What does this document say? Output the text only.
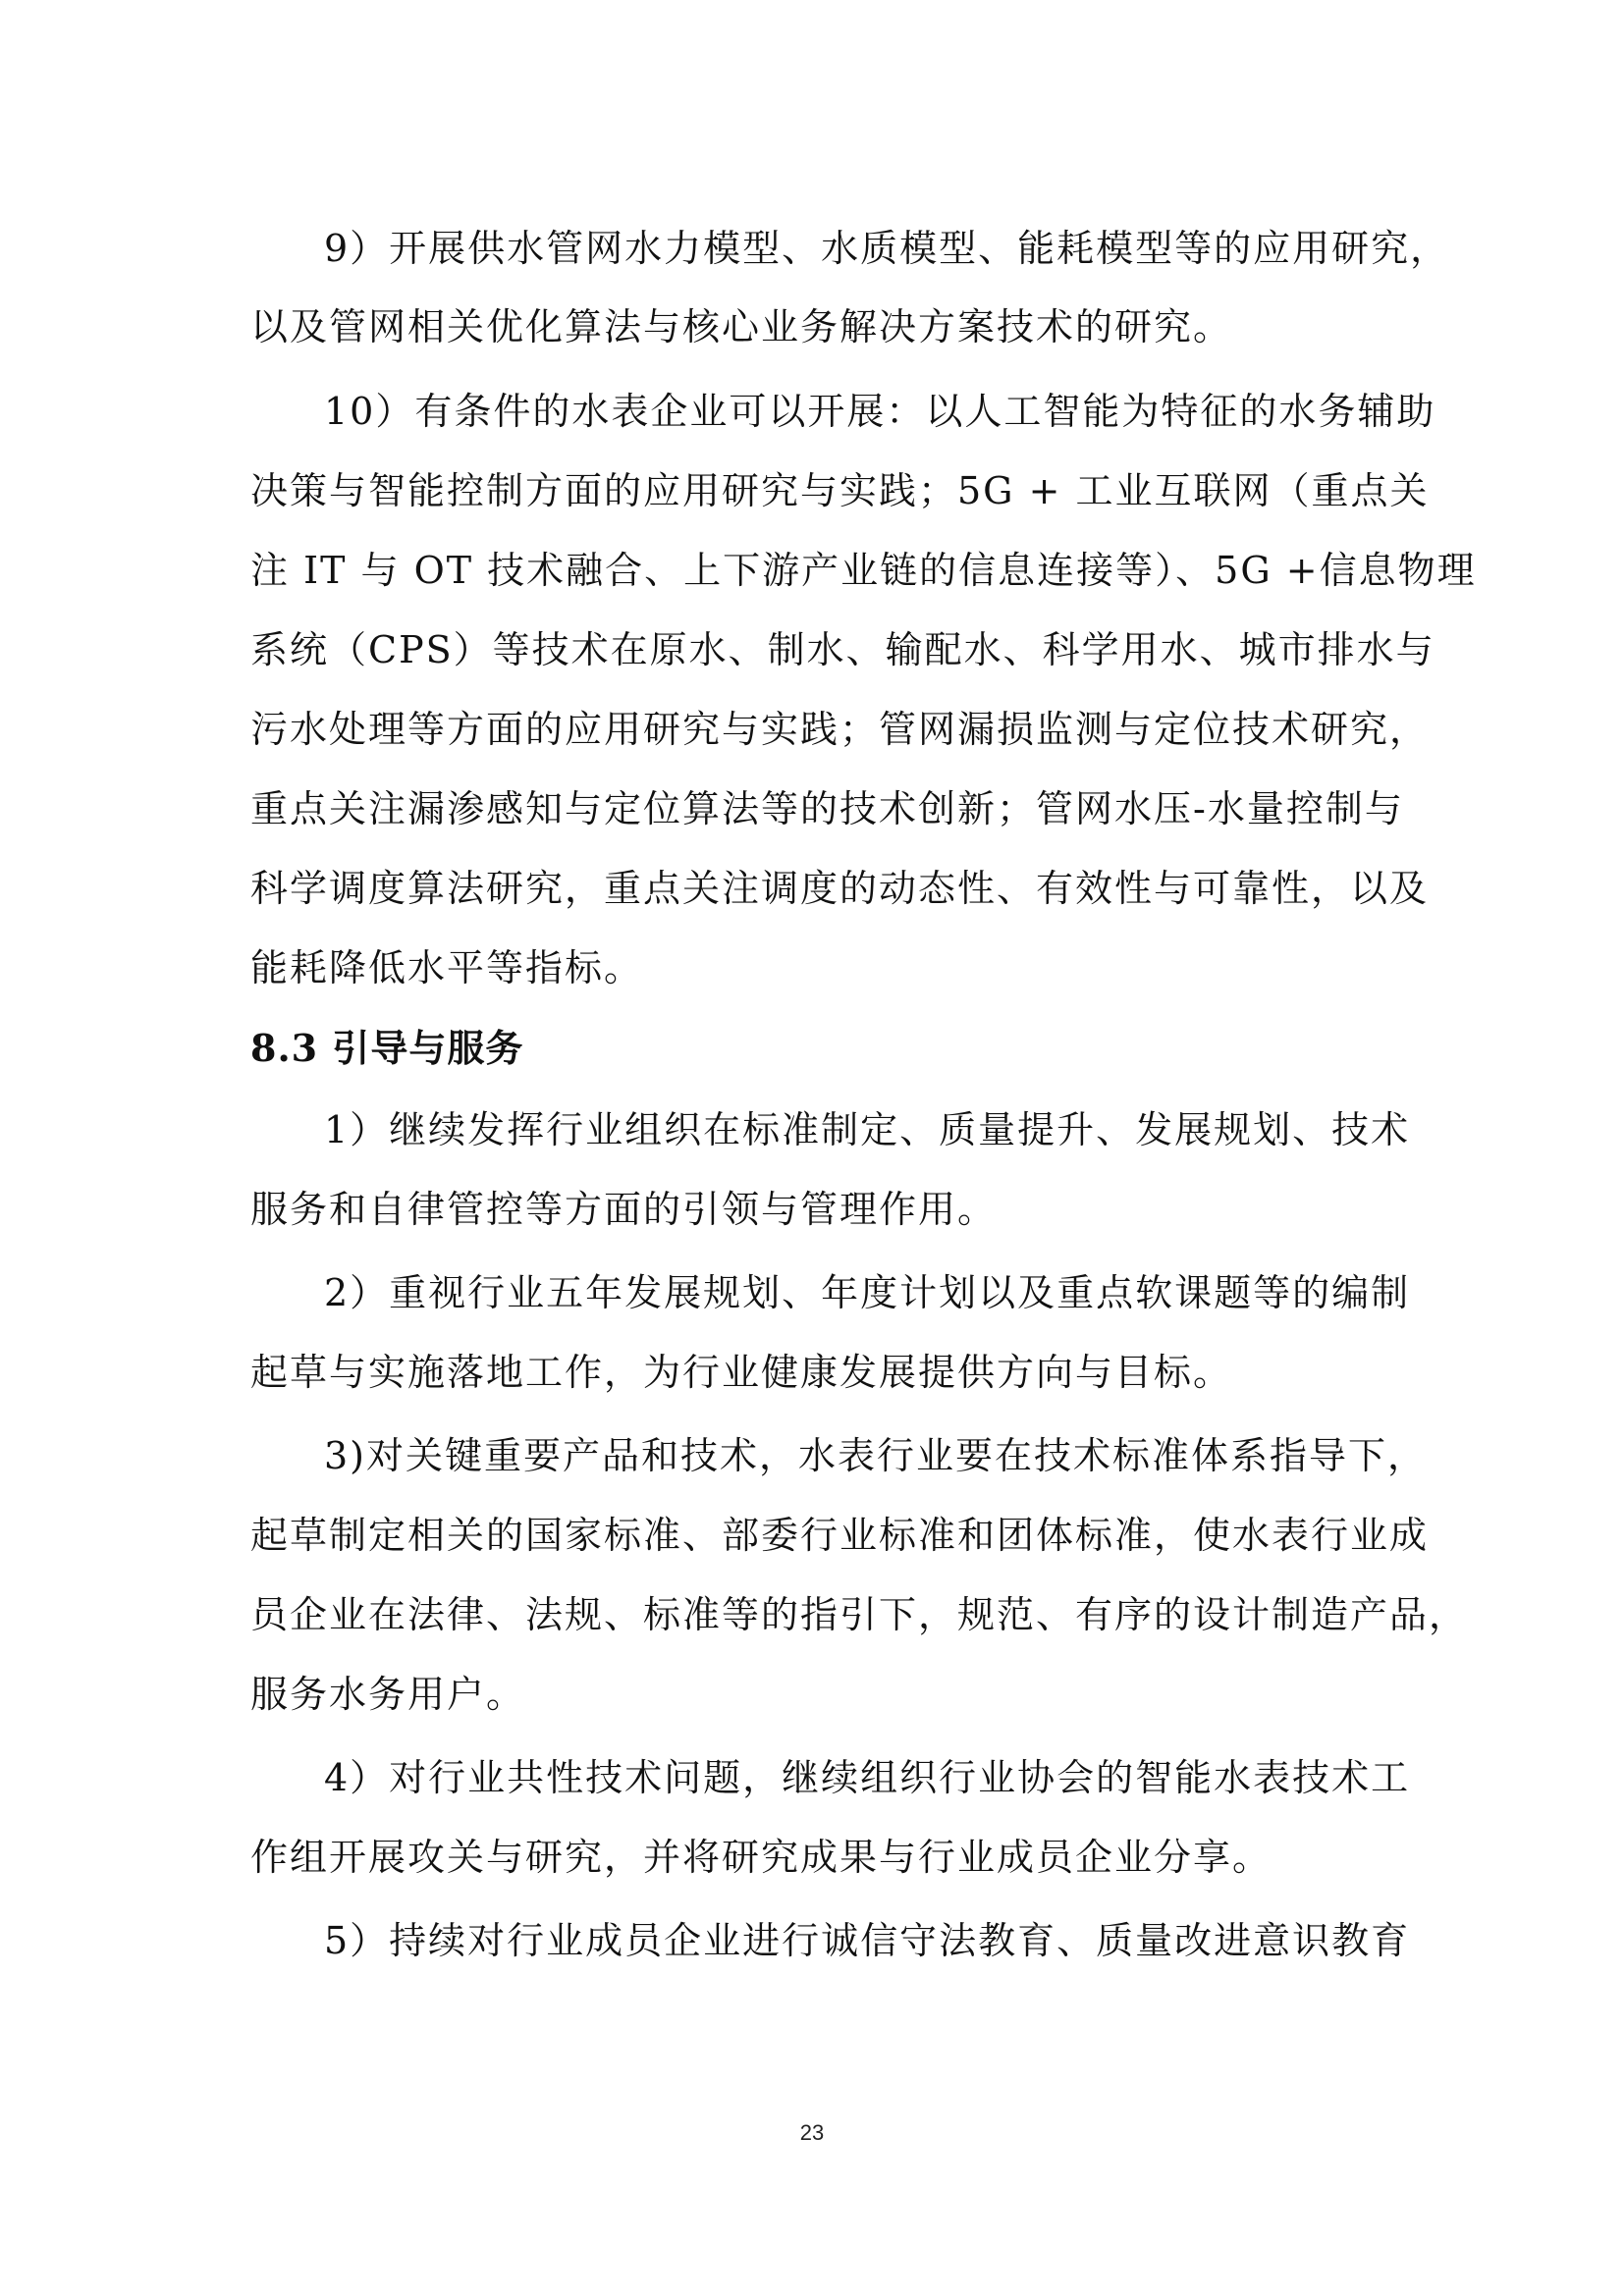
9）开展供水管网水力模型、水质模型、能耗模型等的应用研究，
以及管网相关优化算法与核心业务解决方案技术的研究。
10）有条件的水表企业可以开展：以人工智能为特征的水务辅助
决策与智能控制方面的应用研究与实践；5G + 工业互联网（重点关
注 IT 与 OT 技术融合、上下游产业链的信息连接等）、5G +信息物理
系统（CPS）等技术在原水、制水、输配水、科学用水、城市排水与
污水处理等方面的应用研究与实践；管网漏损监测与定位技术研究，
重点关注漏渗感知与定位算法等的技术创新；管网水压-水量控制与
科学调度算法研究，重点关注调度的动态性、有效性与可靠性，以及
能耗降低水平等指标。
8.3 引导与服务
1）继续发挥行业组织在标准制定、质量提升、发展规划、技术
服务和自律管控等方面的引领与管理作用。
2）重视行业五年发展规划、年度计划以及重点软课题等的编制
起草与实施落地工作，为行业健康发展提供方向与目标。
3)对关键重要产品和技术，水表行业要在技术标准体系指导下，
起草制定相关的国家标准、部委行业标准和团体标准，使水表行业成
员企业在法律、法规、标准等的指引下，规范、有序的设计制造产品，
服务水务用户。
4）对行业共性技术问题，继续组织行业协会的智能水表技术工
作组开展攻关与研究，并将研究成果与行业成员企业分享。
5）持续对行业成员企业进行诚信守法教育、质量改进意识教育
23
